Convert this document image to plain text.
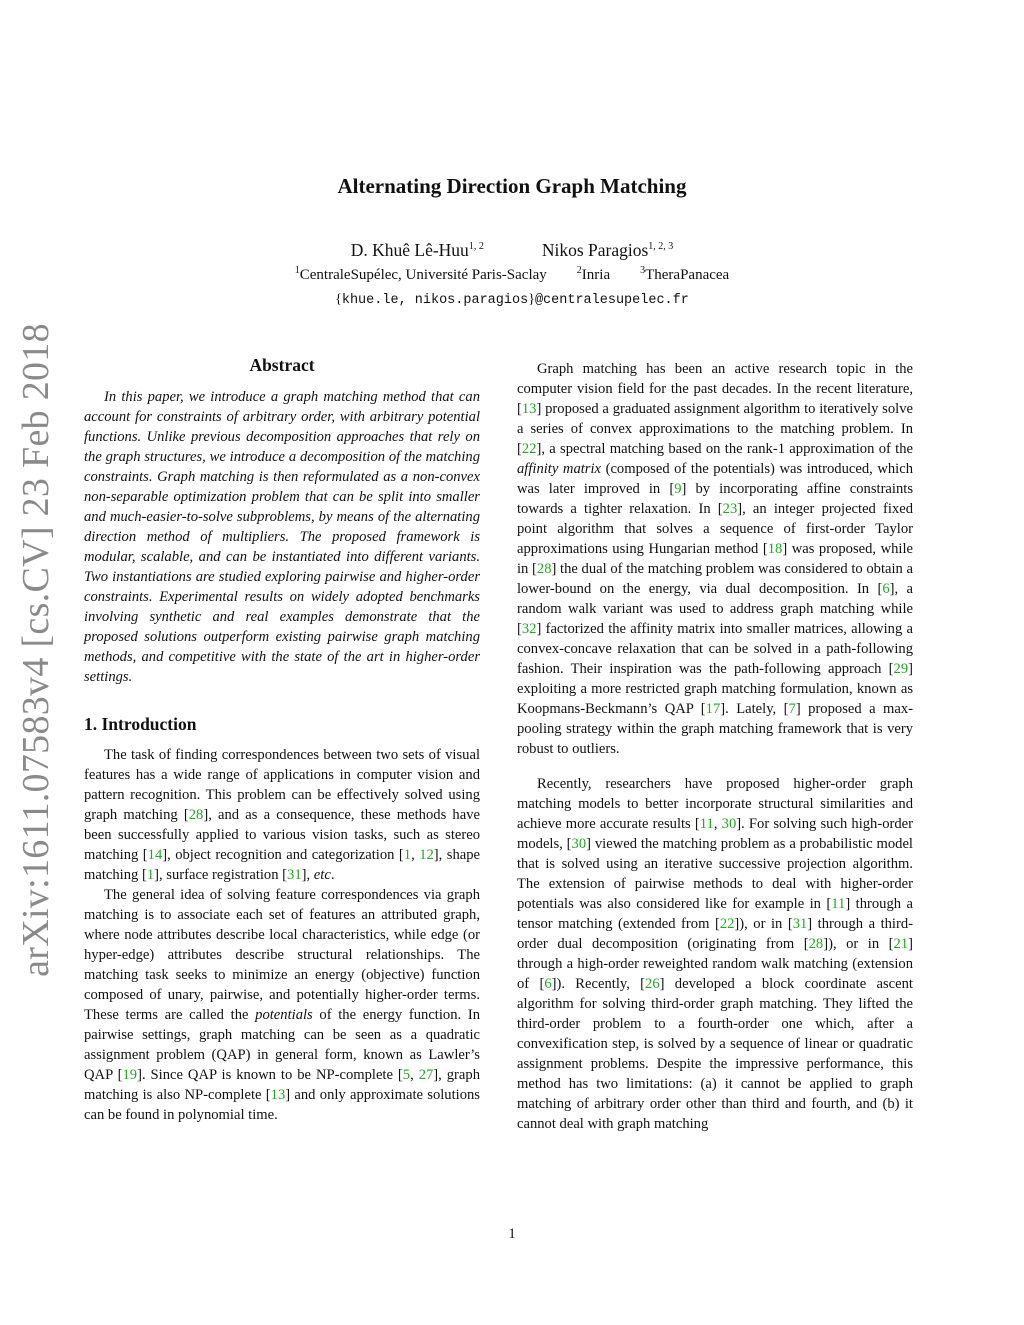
arXiv:1611.07583v4 [cs.CV] 23 Feb 2018
Alternating Direction Graph Matching
D. Khuê Lê-Huu$^{1, 2}$	Nikos Paragios$^{1, 2, 3}$
$^1$CentraleSupélec, Université Paris-Saclay	$^2$Inria	$^3$TheraPanacea
{khue.le, nikos.paragios}@centralesupelec.fr
Abstract

In this paper, we introduce a graph matching method that can account for constraints of arbitrary order, with arbitrary potential functions. Unlike previous decomposition approaches that rely on the graph structures, we introduce a decomposition of the matching constraints. Graph matching is then reformulated as a non-convex non-separable optimization problem that can be split into smaller and much-easier-to-solve subproblems, by means of the alternating direction method of multipliers. The proposed framework is modular, scalable, and can be instantiated into different variants. Two instantiations are studied exploring pairwise and higher-order constraints. Experimental results on widely adopted benchmarks involving synthetic and real examples demonstrate that the proposed solutions outperform existing pairwise graph matching methods, and competitive with the state of the art in higher-order settings.

1. Introduction

The task of finding correspondences between two sets of visual features has a wide range of applications in computer vision and pattern recognition. This problem can be effectively solved using graph matching [28], and as a consequence, these methods have been successfully applied to various vision tasks, such as stereo matching [14], object recognition and categorization [1, 12], shape matching [1], surface registration [31], etc.

The general idea of solving feature correspondences via graph matching is to associate each set of features an attributed graph, where node attributes describe local characteristics, while edge (or hyper-edge) attributes describe structural relationships. The matching task seeks to minimize an energy (objective) function composed of unary, pairwise, and potentially higher-order terms. These terms are called the potentials of the energy function. In pairwise settings, graph matching can be seen as a quadratic assignment problem (QAP) in general form, known as Lawler’s QAP [19]. Since QAP is known to be NP-complete [5, 27], graph matching is also NP-complete [13] and only approximate solutions can be found in polynomial time.

Graph matching has been an active research topic in the computer vision field for the past decades. In the recent literature, [13] proposed a graduated assignment algorithm to iteratively solve a series of convex approximations to the matching problem. In [22], a spectral matching based on the rank-1 approximation of the affinity matrix (composed of the potentials) was introduced, which was later improved in [9] by incorporating affine constraints towards a tighter relaxation. In [23], an integer projected fixed point algorithm that solves a sequence of first-order Taylor approximations using Hungarian method [18] was proposed, while in [28] the dual of the matching problem was considered to obtain a lower-bound on the energy, via dual decomposition. In [6], a random walk variant was used to address graph matching while [32] factorized the affinity matrix into smaller matrices, allowing a convex-concave relaxation that can be solved in a path-following fashion. Their inspiration was the path-following approach [29] exploiting a more restricted graph matching formulation, known as Koopmans-Beckmann’s QAP [17]. Lately, [7] proposed a max-pooling strategy within the graph matching framework that is very robust to outliers.

Recently, researchers have proposed higher-order graph matching models to better incorporate structural similarities and achieve more accurate results [11, 30]. For solving such high-order models, [30] viewed the matching problem as a probabilistic model that is solved using an iterative successive projection algorithm. The extension of pairwise methods to deal with higher-order potentials was also considered like for example in [11] through a tensor matching (extended from [22]), or in [31] through a third-order dual decomposition (originating from [28]), or in [21] through a high-order reweighted random walk matching (extension of [6]). Recently, [26] developed a block coordinate ascent algorithm for solving third-order graph matching. They lifted the third-order problem to a fourth-order one which, after a convexification step, is solved by a sequence of linear or quadratic assignment problems. Despite the impressive performance, this method has two limitations: (a) it cannot be applied to graph matching of arbitrary order other than third and fourth, and (b) it cannot deal with graph matching

1
